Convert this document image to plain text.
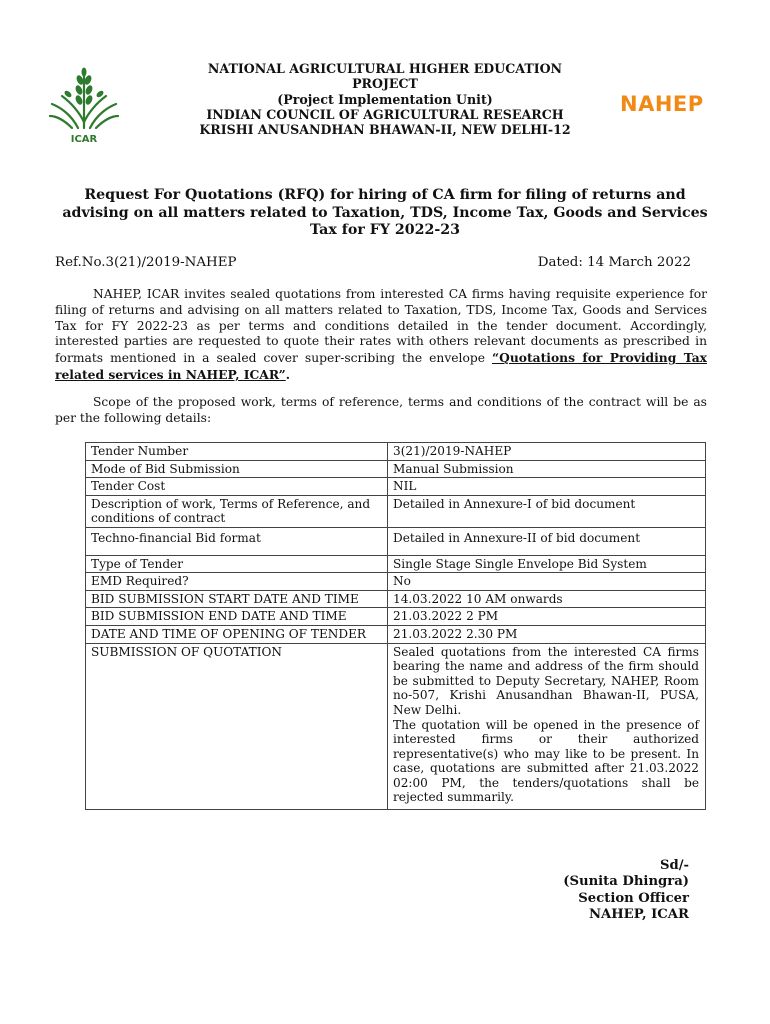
ICAR
NAHEP
NATIONAL AGRICULTURAL HIGHER EDUCATION
PROJECT
(Project Implementation Unit)
INDIAN COUNCIL OF AGRICULTURAL RESEARCH
KRISHI ANUSANDHAN BHAWAN-II, NEW DELHI-12
Request For Quotations (RFQ) for hiring of CA firm for filing of returns and advising on all matters related to Taxation, TDS, Income Tax, Goods and Services Tax for FY 2022-23
Ref.No.3(21)/2019-NAHEP	Dated: 14 March 2022
NAHEP, ICAR invites sealed quotations from interested CA firms having requisite experience for filing of returns and advising on all matters related to Taxation, TDS, Income Tax, Goods and Services Tax for FY 2022-23 as per terms and conditions detailed in the tender document. Accordingly, interested parties are requested to quote their rates with others relevant documents as prescribed in formats mentioned in a sealed cover super-scribing the envelope “Quotations for Providing Tax related services in NAHEP, ICAR”.
Scope of the proposed work, terms of reference, terms and conditions of the contract will be as per the following details:
Tender Number	3(21)/2019-NAHEP
Mode of Bid Submission	Manual Submission
Tender Cost	NIL
Description of work, Terms of Reference, and conditions of contract	Detailed in Annexure-I of bid document
Techno-financial Bid format	Detailed in Annexure-II of bid document
Type of Tender	Single Stage Single Envelope Bid System
EMD Required?	No
BID SUBMISSION START DATE AND TIME	14.03.2022 10 AM onwards
BID SUBMISSION END DATE AND TIME	21.03.2022 2 PM
DATE AND TIME OF OPENING OF TENDER	21.03.2022 2.30 PM
SUBMISSION OF QUOTATION	Sealed quotations from the interested CA firms bearing the name and address of the firm should be submitted to Deputy Secretary, NAHEP, Room no-507, Krishi Anusandhan Bhawan-II, PUSA, New Delhi.
The quotation will be opened in the presence of interested firms or their authorized representative(s) who may like to be present. In case, quotations are submitted after 21.03.2022 02:00 PM, the tenders/quotations shall be rejected summarily.
Sd/-
(Sunita Dhingra)
Section Officer
NAHEP, ICAR
